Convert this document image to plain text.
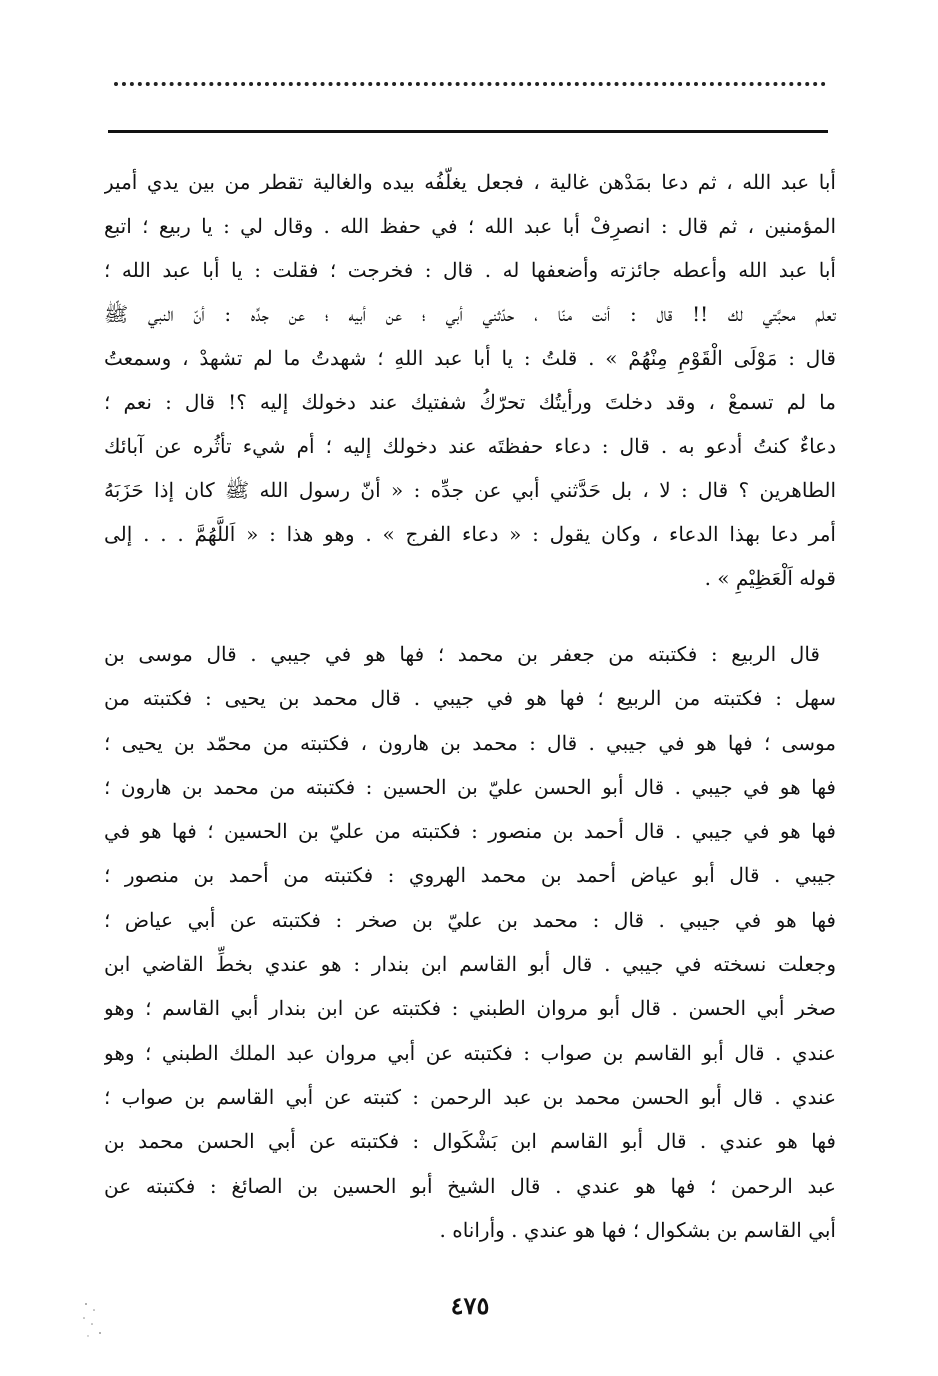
أبا عبد الله ، ثم دعا بمَدْهن غالية ، فجعل يغلّفُه بيده والغالية تقطر من بين يدي أمير
المؤمنين ، ثم قال : انصرِفْ أبا عبد الله ؛ في حفظ الله . وقال لي : يا ربيع ؛ اتبع
أبا عبد الله وأعطه جائزته وأضعفها له . قال : فخرجت ؛ فقلت : يا أبا عبد الله ؛
تعلم محبَّتي لك !! قال : أنت منّا ، حدّثني أبي ؛ عن أبيه ؛ عن جدِّه : أنّ النبي ﷺ
قال : مَوْلَى الْقَوْمِ مِنْهُمْ » . قلتُ : يا أبا عبد اللهِ ؛ شهدتُ ما لم تشهدْ ، وسمعتُ
ما لم تسمعْ ، وقد دخلتَ ورأيتُك تحرّكُ شفتيك عند دخولك إليه ؟! قال : نعم ؛
دعاءٌ كنتُ أدعو به . قال : دعاء حفظتَه عند دخولك إليه ؛ أم شيء تأثُره عن آبائك
الطاهرين ؟ قال : لا ، بل حَدَّثني أبي عن جدِّه : « أنّ رسول الله ﷺ كان إذا حَزَبَهُ
أمر دعا بهذا الدعاء ، وكان يقول : « دعاء الفرج » . وهو هذا : « اَللَّهُمَّ . . . إلى
قوله اَلْعَظِيْمِ » .
قال الربيع : فكتبته من جعفر بن محمد ؛ فها هو في جيبي . قال موسى بن
سهل : فكتبته من الربيع ؛ فها هو في جيبي . قال محمد بن يحيى : فكتبته من
موسى ؛ فها هو في جيبي . قال : محمد بن هارون ، فكتبته من محمّد بن يحيى ؛
فها هو في جيبي . قال أبو الحسن عليّ بن الحسين : فكتبته من محمد بن هارون ؛
فها هو في جيبي . قال أحمد بن منصور : فكتبته من عليّ بن الحسين ؛ فها هو في
جيبي . قال أبو عياض أحمد بن محمد الهروي : فكتبته من أحمد بن منصور ؛
فها هو في جيبي . قال : محمد بن عليّ بن صخر : فكتبته عن أبي عياض ؛
وجعلت نسخته في جيبي . قال أبو القاسم ابن بندار : هو عندي بخطِّ القاضي ابن
صخر أبي الحسن . قال أبو مروان الطبني : فكتبته عن ابن بندار أبي القاسم ؛ وهو
عندي . قال أبو القاسم بن صواب : فكتبته عن أبي مروان عبد الملك الطبني ؛ وهو
عندي . قال أبو الحسن محمد بن عبد الرحمن : كتبته عن أبي القاسم بن صواب ؛
فها هو عندي . قال أبو القاسم ابن بَشْكَوال : فكتبته عن أبي الحسن محمد بن
عبد الرحمن ؛ فها هو عندي . قال الشيخ أبو الحسين بن الصائغ : فكتبته عن
أبي القاسم بن بشكوال ؛ فها هو عندي . وأراناه .
٤٧٥
